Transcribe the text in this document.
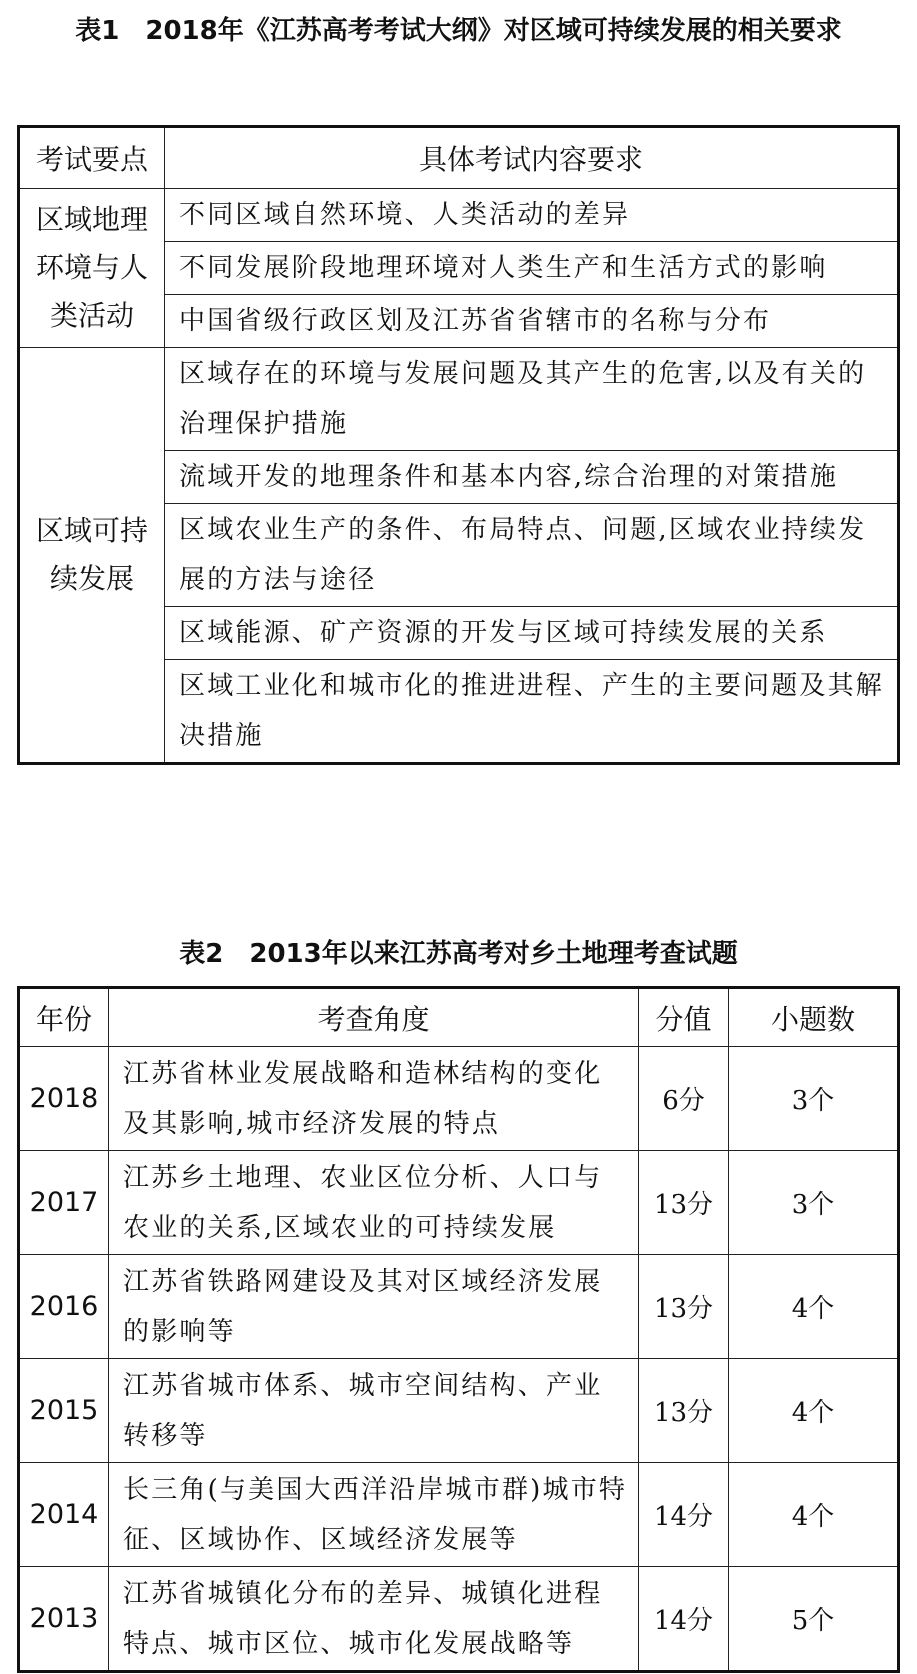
表1　2018年《江苏高考考试大纲》对区域可持续发展的相关要求
考试要点	具体考试内容要求
区域地理环境与人类活动	不同区域自然环境、人类活动的差异
	不同发展阶段地理环境对人类生产和生活方式的影响
	中国省级行政区划及江苏省省辖市的名称与分布
区域可持续发展	区域存在的环境与发展问题及其产生的危害,以及有关的治理保护措施
	流域开发的地理条件和基本内容,综合治理的对策措施
	区域农业生产的条件、布局特点、问题,区域农业持续发展的方法与途径
	区域能源、矿产资源的开发与区域可持续发展的关系
	区域工业化和城市化的推进进程、产生的主要问题及其解决措施
表2　2013年以来江苏高考对乡土地理考查试题
年份	考查角度	分值	小题数
2018	江苏省林业发展战略和造林结构的变化及其影响,城市经济发展的特点	6分	3个
2017	江苏乡土地理、农业区位分析、人口与农业的关系,区域农业的可持续发展	13分	3个
2016	江苏省铁路网建设及其对区域经济发展的影响等	13分	4个
2015	江苏省城市体系、城市空间结构、产业转移等	13分	4个
2014	长三角(与美国大西洋沿岸城市群)城市特征、区域协作、区域经济发展等	14分	4个
2013	江苏省城镇化分布的差异、城镇化进程特点、城市区位、城市化发展战略等	14分	5个
